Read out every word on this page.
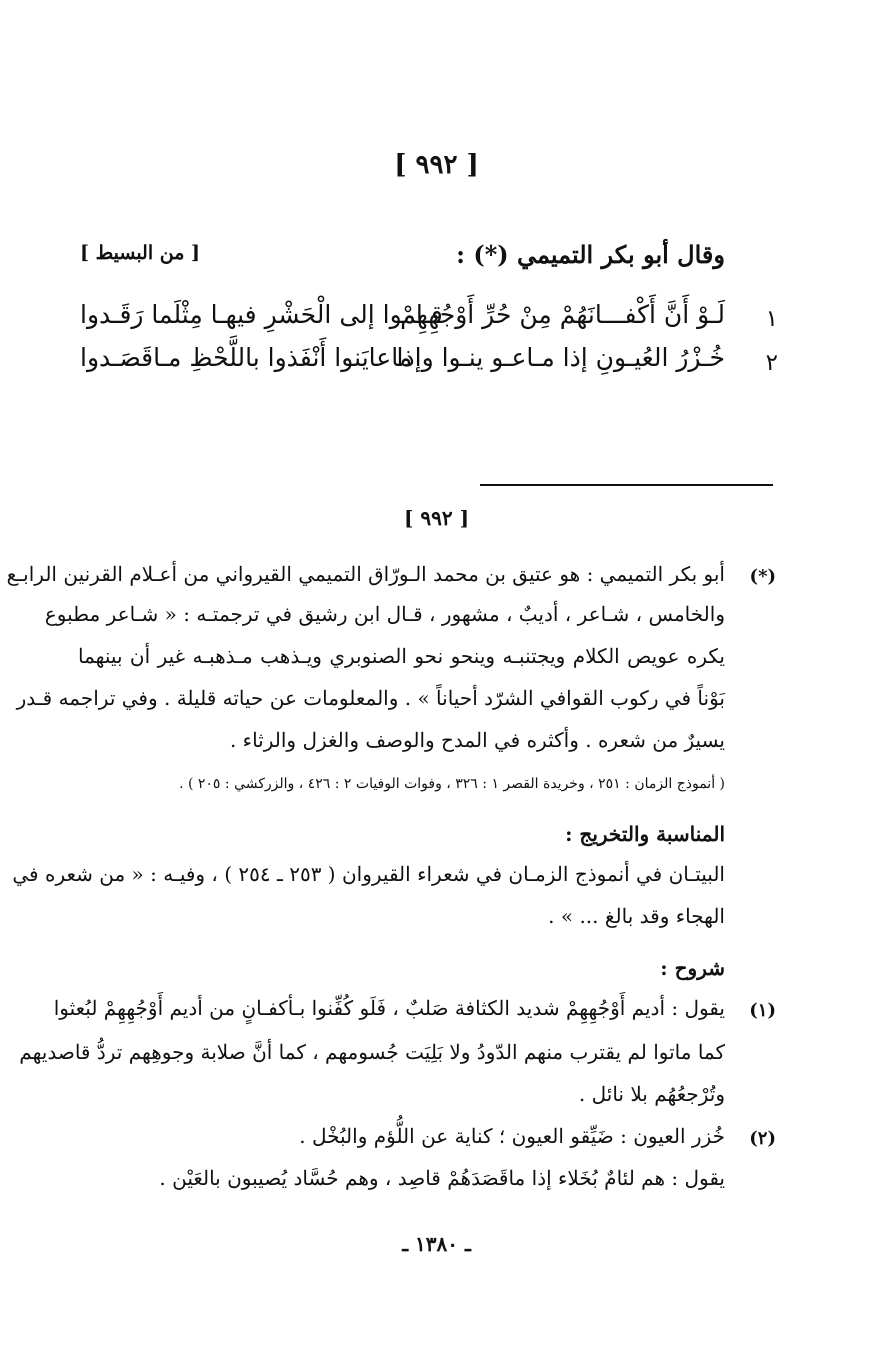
[ ٩٩٢ ]
وقال أبو بكر التميمي (*) :
[ من البسيط ]
١
لَـوْ أَنَّ أَكْفـــانَهُمْ مِنْ حُرِّ أَوْجُهِهِمْ
قـاموا إلى الْحَشْرِ فيهـا مِثْلَما رَقَـدوا
٢
خُـزْرُ العُيـونِ إذا مـاعـو ينـوا وإذا
ماعايَنوا أَنْفَذوا باللَّحْظِ مـاقَصَـدوا
[ ٩٩٢ ]
(*)
أبو بكر التميمي : هو عتيق بن محمد الـورّاق التميمي القيرواني من أعـلام القرنين الرابـع
والخامس ، شـاعر ، أديبٌ ، مشهور ، قـال ابن رشيق في ترجمتـه : « شـاعر مطبوع
يكره عويص الكلام ويجتنبـه وينحو نحو الصنوبري ويـذهب مـذهبـه غير أن بينهما
بَوْناً في ركوب القوافي الشرّد أحياناً » . والمعلومات عن حياته قليلة . وفي تراجمه قـدر
يسيرٌ من شعره . وأكثره في المدح والوصف والغزل والرثاء .
( أنموذج الزمان : ٢٥١ ، وخريدة القصر ١ : ٣٢٦ ، وفوات الوفيات ٢ : ٤٢٦ ، والزركشي : ٢٠٥ ) .
المناسبة والتخريج :
البيتـان في أنموذج الزمـان في شعراء القيروان ( ٢٥٣ ـ ٢٥٤ ) ، وفيـه : « من شعره في
الهجاء وقد بالغ ... » .
شروح :
(١)
يقول : أديم أَوْجُهِهِمْ شديد الكثافة صَلبٌ ، فَلَو كُفِّنوا بـأكفـانٍ من أديم أَوْجُهِهِمْ لبُعثوا
كما ماتوا لم يقترب منهم الدّودُ ولا بَلِيَت جُسومهم ، كما أنَّ صلابة وجوهِهم تردُّ قاصديهم
وتُرْجعُهُم بلا نائل .
(٢)
خُزر العيون : ضَيِّقو العيون ؛ كناية عن اللُّؤم والبُخْل .
يقول : هم لئامٌ بُخَلاء إذا ماقَصَدَهُمْ قاصِد ، وهم حُسَّاد يُصيبون بالعَيْن .
ـ ١٣٨٠ ـ
